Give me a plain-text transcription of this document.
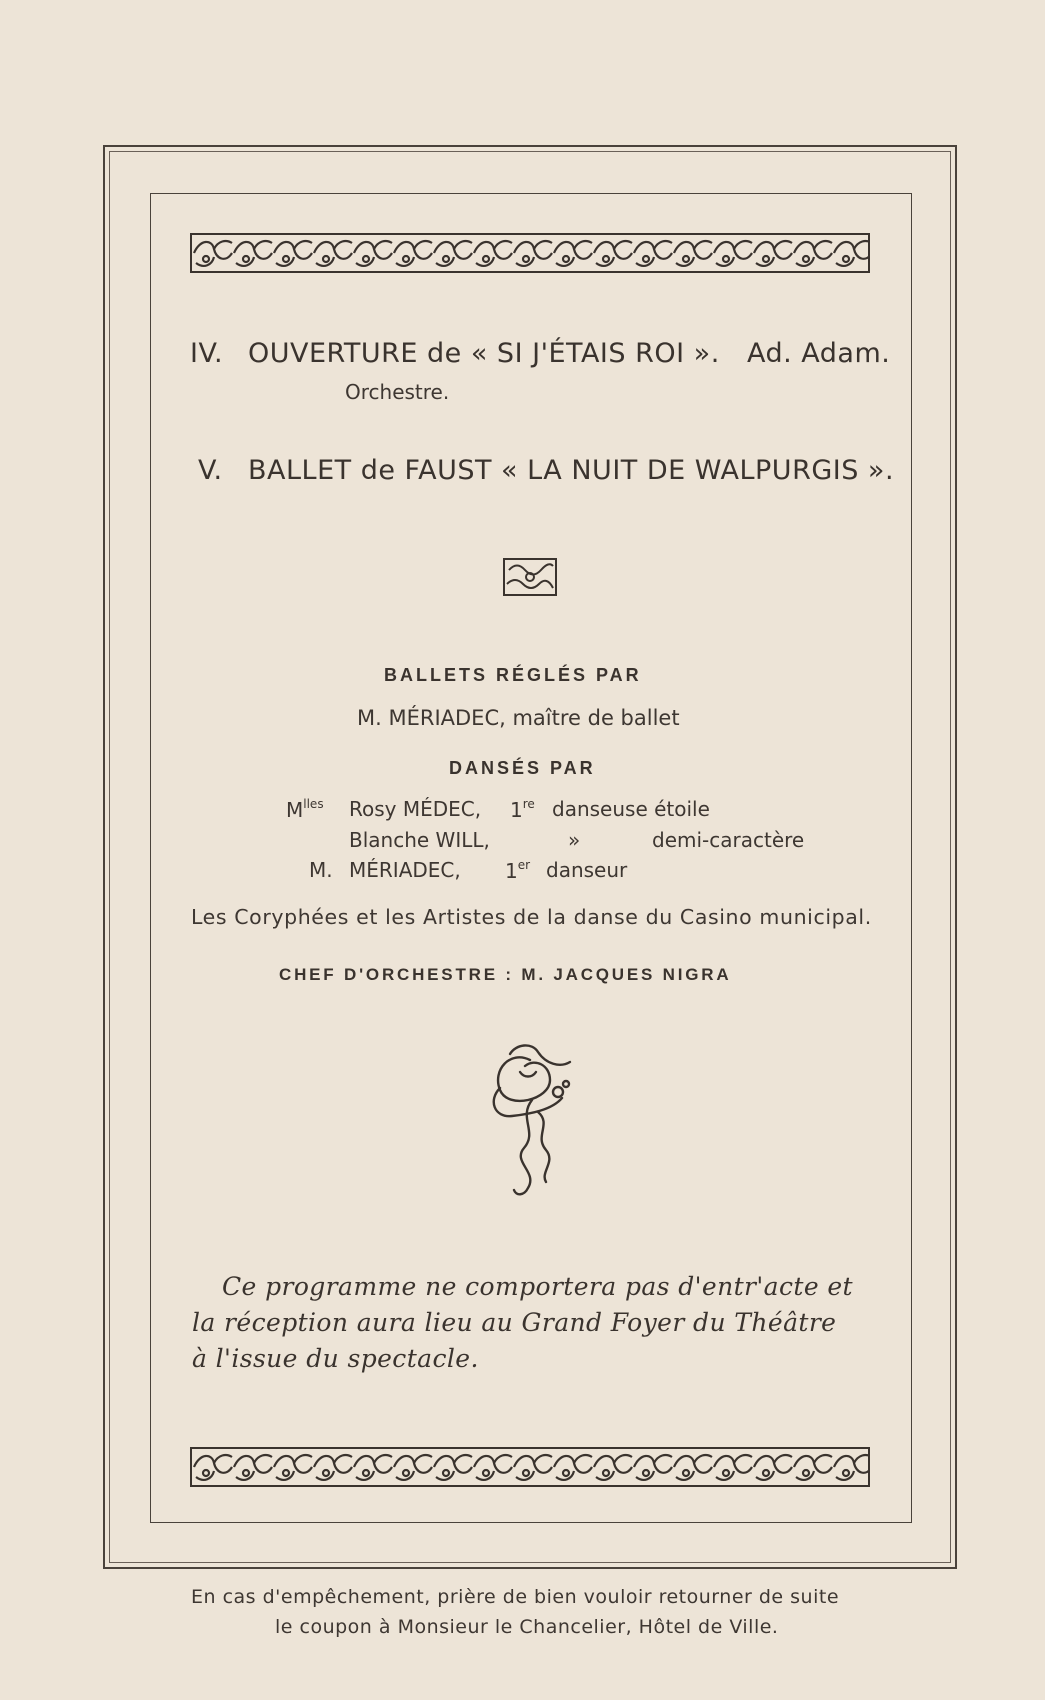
IV. OUVERTURE de « SI J'ÉTAIS ROI ». Ad. Adam.
Orchestre.
V. BALLET de FAUST « LA NUIT DE WALPURGIS ».
BALLETS RÉGLÉS PAR
M. MÉRIADEC, maître de ballet
DANSÉS PAR
$M^{lles}$ Rosy MÉDEC, 1re danseuse étoile
Blanche WILL,	»	demi-caractère
M. MÉRIADEC, 1er danseur
Les Coryphées et les Artistes de la danse du Casino municipal.
CHEF D'ORCHESTRE : M. JACQUES NIGRA
Ce programme ne comportera pas d'entr'acte et
la réception aura lieu au Grand Foyer du Théâtre
à l'issue du spectacle.
En cas d'empêchement, prière de bien vouloir retourner de suite
le coupon à Monsieur le Chancelier, Hôtel de Ville.
